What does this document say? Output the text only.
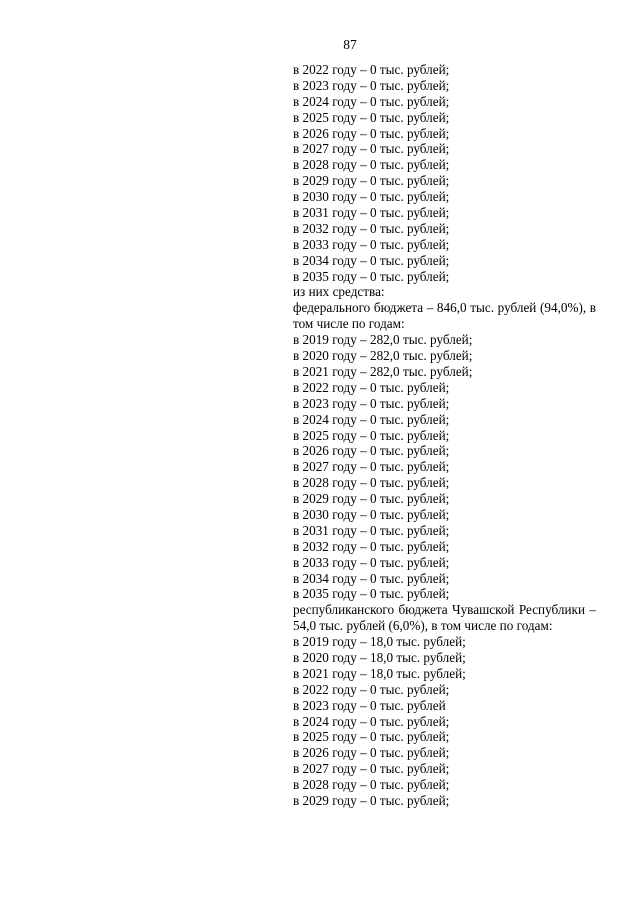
87
в 2022 году – 0 тыс. рублей;
в 2023 году – 0 тыс. рублей;
в 2024 году – 0 тыс. рублей;
в 2025 году – 0 тыс. рублей;
в 2026 году – 0 тыс. рублей;
в 2027 году – 0 тыс. рублей;
в 2028 году – 0 тыс. рублей;
в 2029 году – 0 тыс. рублей;
в 2030 году – 0 тыс. рублей;
в 2031 году – 0 тыс. рублей;
в 2032 году – 0 тыс. рублей;
в 2033 году – 0 тыс. рублей;
в 2034 году – 0 тыс. рублей;
в 2035 году – 0 тыс. рублей;
из них средства:
федерального бюджета – 846,0 тыс. рублей (94,0%), в том числе по годам:
в 2019 году – 282,0 тыс. рублей;
в 2020 году – 282,0 тыс. рублей;
в 2021 году – 282,0 тыс. рублей;
в 2022 году – 0 тыс. рублей;
в 2023 году – 0 тыс. рублей;
в 2024 году – 0 тыс. рублей;
в 2025 году – 0 тыс. рублей;
в 2026 году – 0 тыс. рублей;
в 2027 году – 0 тыс. рублей;
в 2028 году – 0 тыс. рублей;
в 2029 году – 0 тыс. рублей;
в 2030 году – 0 тыс. рублей;
в 2031 году – 0 тыс. рублей;
в 2032 году – 0 тыс. рублей;
в 2033 году – 0 тыс. рублей;
в 2034 году – 0 тыс. рублей;
в 2035 году – 0 тыс. рублей;
республиканского бюджета Чувашской Республики – 54,0 тыс. рублей (6,0%), в том числе по годам:
в 2019 году – 18,0 тыс. рублей;
в 2020 году – 18,0 тыс. рублей;
в 2021 году – 18,0 тыс. рублей;
в 2022 году – 0 тыс. рублей;
в 2023 году – 0 тыс. рублей
в 2024 году – 0 тыс. рублей;
в 2025 году – 0 тыс. рублей;
в 2026 году – 0 тыс. рублей;
в 2027 году – 0 тыс. рублей;
в 2028 году – 0 тыс. рублей;
в 2029 году – 0 тыс. рублей;
